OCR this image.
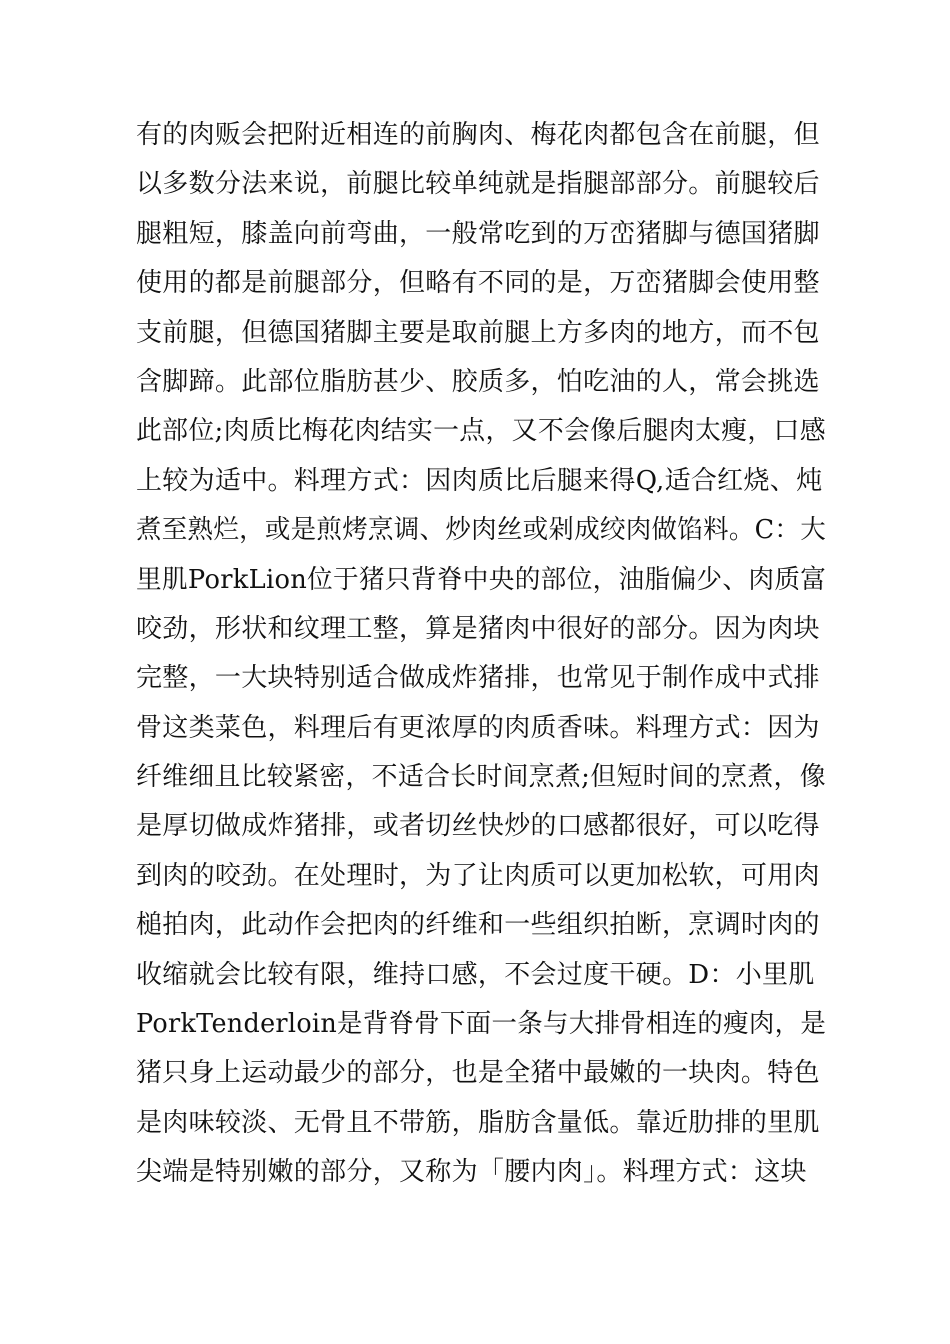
有的肉贩会把附近相连的前胸肉、梅花肉都包含在前腿，但
以多数分法来说，前腿比较单纯就是指腿部部分。前腿较后
腿粗短，膝盖向前弯曲，一般常吃到的万峦猪脚与德国猪脚
使用的都是前腿部分，但略有不同的是，万峦猪脚会使用整
支前腿，但德国猪脚主要是取前腿上方多肉的地方，而不包
含脚蹄。此部位脂肪甚少、胶质多，怕吃油的人，常会挑选
此部位;肉质比梅花肉结实一点，又不会像后腿肉太瘦，口感
上较为适中。料理方式：因肉质比后腿来得Q,适合红烧、炖
煮至熟烂，或是煎烤烹调、炒肉丝或剁成绞肉做馅料。C：大
里肌PorkLion位于猪只背脊中央的部位，油脂偏少、肉质富
咬劲，形状和纹理工整，算是猪肉中很好的部分。因为肉块
完整，一大块特别适合做成炸猪排，也常见于制作成中式排
骨这类菜色，料理后有更浓厚的肉质香味。料理方式：因为
纤维细且比较紧密，不适合长时间烹煮;但短时间的烹煮，像
是厚切做成炸猪排，或者切丝快炒的口感都很好，可以吃得
到肉的咬劲。在处理时，为了让肉质可以更加松软，可用肉
槌拍肉，此动作会把肉的纤维和一些组织拍断，烹调时肉的
收缩就会比较有限，维持口感，不会过度干硬。D：小里肌
PorkTenderloin是背脊骨下面一条与大排骨相连的瘦肉，是
猪只身上运动最少的部分，也是全猪中最嫩的一块肉。特色
是肉味较淡、无骨且不带筋，脂肪含量低。靠近肋排的里肌
尖端是特别嫩的部分，又称为「腰内肉」。料理方式：这块
